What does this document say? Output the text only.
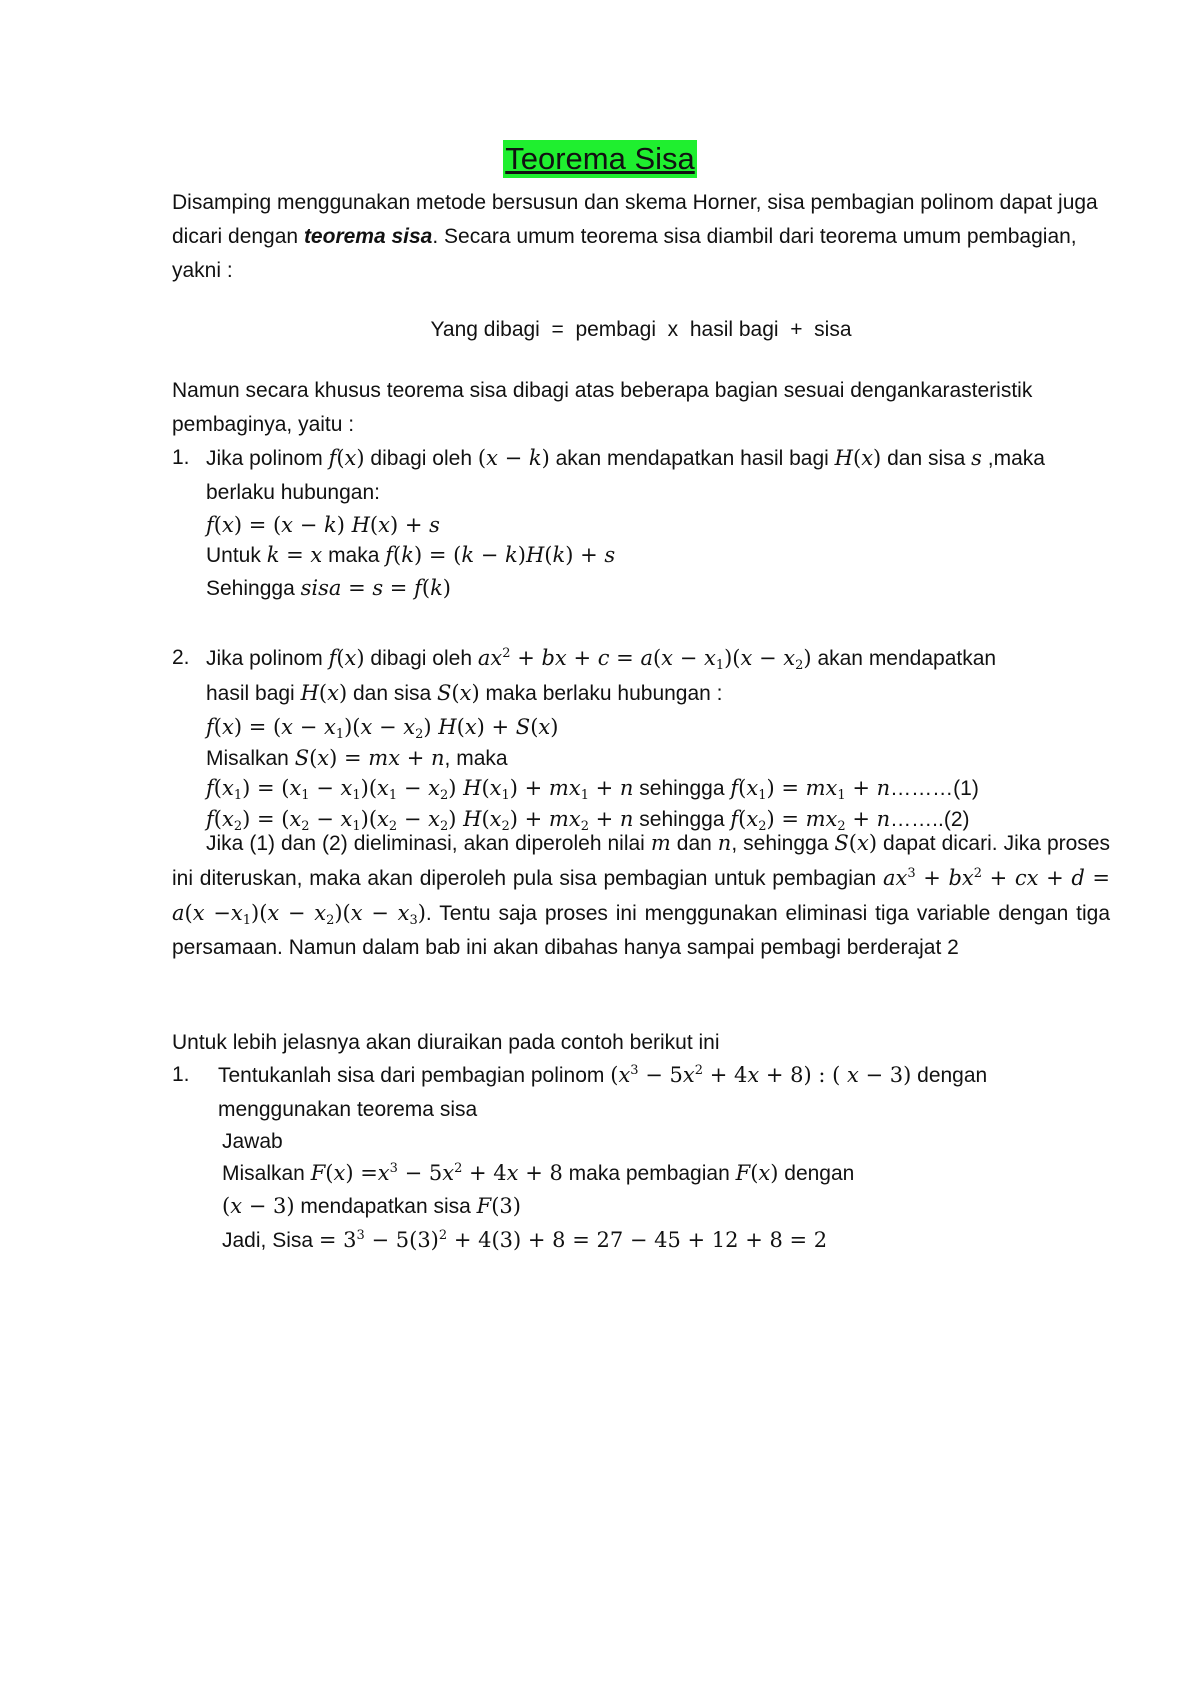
Teorema Sisa
Disamping menggunakan metode bersusun dan skema Horner, sisa pembagian polinom dapat juga dicari dengan teorema sisa. Secara umum teorema sisa diambil dari teorema umum pembagian, yakni :
Yang dibagi  =  pembagi  x  hasil bagi  +  sisa
Namun secara khusus teorema sisa dibagi atas beberapa bagian sesuai dengankarasteristik pembaginya, yaitu :
1. Jika polinom f(x) dibagi oleh (x − k) akan mendapatkan hasil bagi H(x) dan sisa s ,maka
berlaku hubungan:
f(x) = (x − k) H(x) + s
Untuk k = x maka f(k) = (k − k)H(k) + s
Sehingga sisa = s = f(k)
2. Jika polinom f(x) dibagi oleh $ax^2$ + bx + $c = a(x - x_1)(x - x_2)$ akan mendapatkan
hasil bagi H(x) dan sisa S(x) maka berlaku hubungan :
$f(x) = (x - x_1)(x - x_2)$ H(x) + S(x)
Misalkan S(x) = mx + n, maka
$f(x_1) = (x_1 - x_1)(x_1 - x_2) H(x_1) + mx_1 + n$ sehingga $f(x_1) = mx_1$ + n………(1)
$f(x_2) = (x_2 - x_1)(x_2 - x_2) H(x_2) + mx_2 + n$ sehingga $f(x_2) = mx_2$ + n……..(2)
Jika (1) dan (2) dieliminasi, akan diperoleh nilai m dan n, sehingga S(x) dapat dicari. Jika proses ini diteruskan, maka akan diperoleh pula sisa pembagian untuk pembagian $ax^3 + bx^2$ + cx + $d = a(x -x_1)(x - x_2)(x - x_3)$. Tentu saja proses ini menggunakan eliminasi tiga variable dengan tiga persamaan. Namun dalam bab ini akan dibahas hanya sampai pembagi berderajat 2
Untuk lebih jelasnya akan diuraikan pada contoh berikut ini
1. Tentukanlah sisa dari pembagian polinom $(x^3 - 5x^2 + 4x + 8)$ : ( x − 3) dengan
menggunakan teorema sisa
Jawab
Misalkan $F(x) =x^3 - 5x^2 + 4x + 8$ maka pembagian F(x) dengan
(x − 3) mendapatkan sisa F(3)
Jadi, Sisa = $3^3 - 5(3)^2 + 4(3) + 8 = 27 - 45 + 12 + 8 = 2$
